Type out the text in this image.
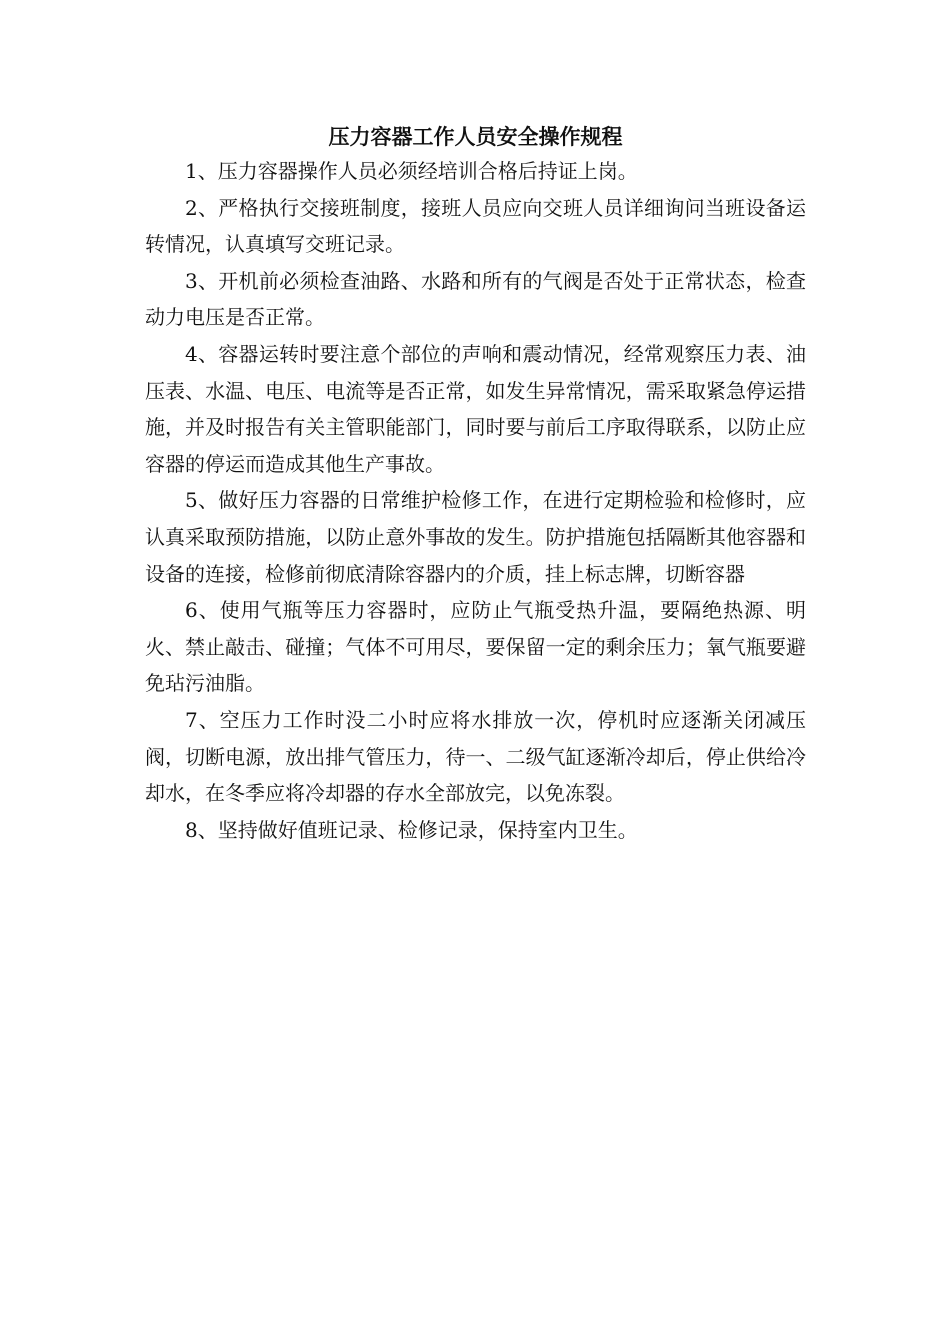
压力容器工作人员安全操作规程

1、压力容器操作人员必须经培训合格后持证上岗。

2、严格执行交接班制度，接班人员应向交班人员详细询问当班设备运转情况，认真填写交班记录。

3、开机前必须检查油路、水路和所有的气阀是否处于正常状态，检查动力电压是否正常。

4、容器运转时要注意个部位的声响和震动情况，经常观察压力表、油压表、水温、电压、电流等是否正常，如发生异常情况，需采取紧急停运措施，并及时报告有关主管职能部门，同时要与前后工序取得联系，以防止应容器的停运而造成其他生产事故。

5、做好压力容器的日常维护检修工作，在进行定期检验和检修时，应认真采取预防措施，以防止意外事故的发生。防护措施包括隔断其他容器和设备的连接，检修前彻底清除容器内的介质，挂上标志牌，切断容器

6、使用气瓶等压力容器时，应防止气瓶受热升温，要隔绝热源、明火、禁止敲击、碰撞；气体不可用尽，要保留一定的剩余压力；氧气瓶要避免玷污油脂。

7、空压力工作时没二小时应将水排放一次，停机时应逐渐关闭减压阀，切断电源，放出排气管压力，待一、二级气缸逐渐冷却后，停止供给冷却水，在冬季应将冷却器的存水全部放完，以免冻裂。

8、坚持做好值班记录、检修记录，保持室内卫生。
